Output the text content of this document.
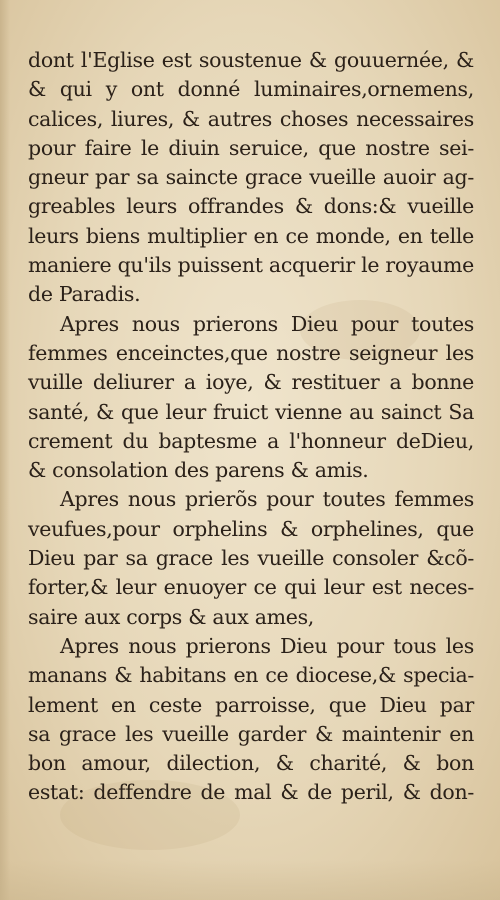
dont l'Eglise est soustenue & gouuernée, &
& qui y ont donné luminaires,ornemens,
calices, liures, & autres choses necessaires
pour faire le diuin seruice, que nostre sei-
gneur par sa saincte grace vueille auoir ag-
greables leurs offrandes & dons:& vueille
leurs biens multiplier en ce monde, en telle
maniere qu'ils puissent acquerir le royaume
de Paradis.
Apres nous prierons Dieu pour toutes
femmes enceinctes,que nostre seigneur les
vuille deliurer a ioye, & restituer a bonne
santé, & que leur fruict vienne au sainct Sa
crement du baptesme a l'honneur deDieu,
& consolation des parens & amis.
Apres nous prierõs pour toutes femmes
veufues,pour orphelins & orphelines, que
Dieu par sa grace les vueille consoler &cõ-
forter,& leur enuoyer ce qui leur est neces-
saire aux corps & aux ames,
Apres nous prierons Dieu pour tous les
manans & habitans en ce diocese,& specia-
lement en ceste parroisse, que Dieu par
sa grace les vueille garder & maintenir en
bon amour, dilection, & charité, & bon
estat: deffendre de mal & de peril, & don-
